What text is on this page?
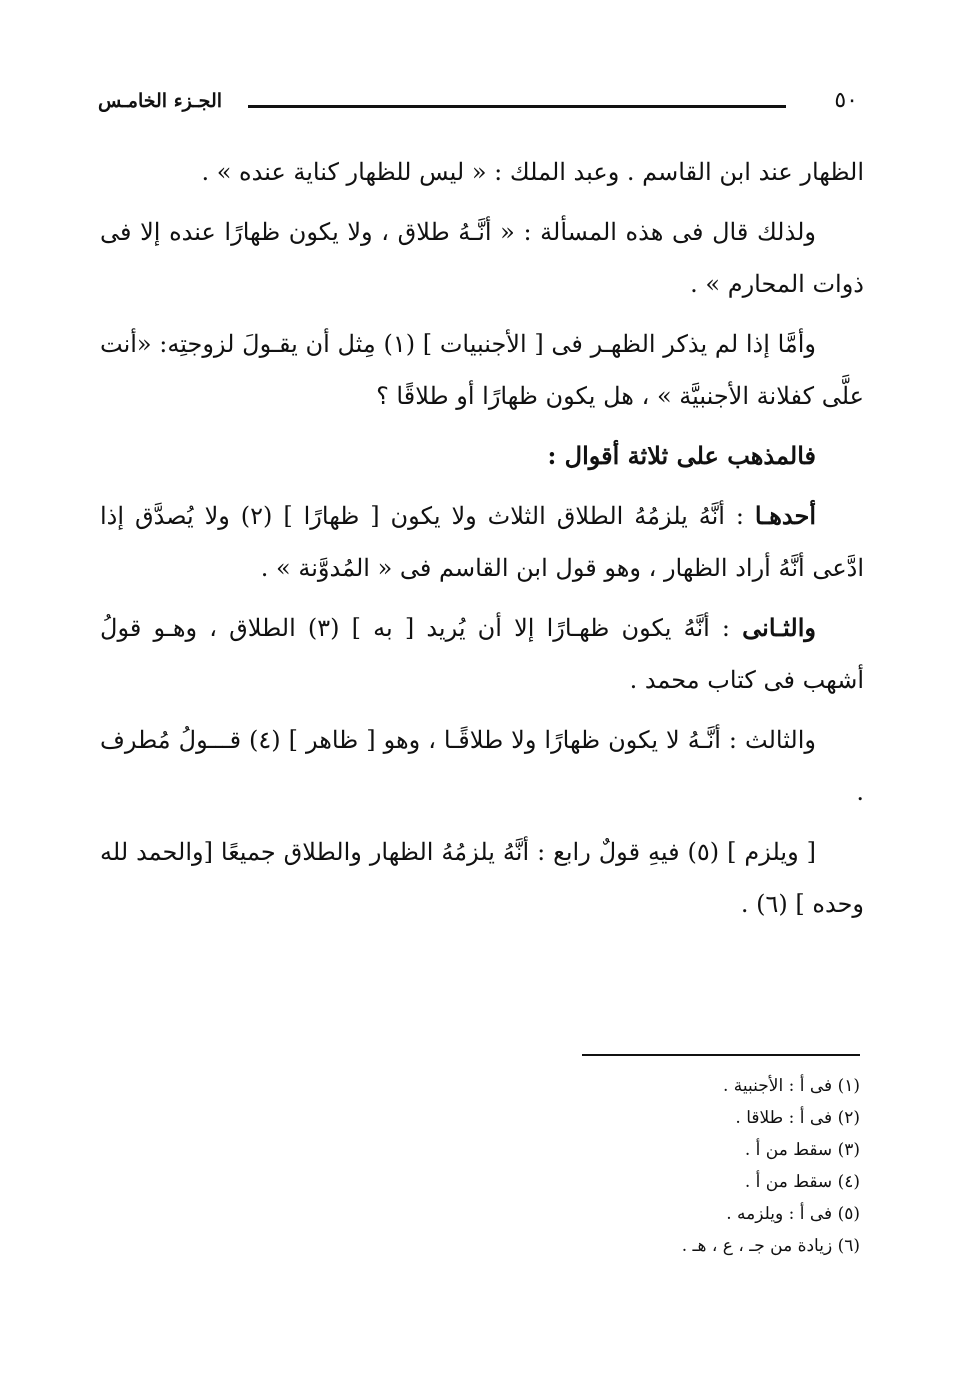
٥٠
الجـزء الخامـس

الظهار عند ابن القاسم . وعبد الملك : « ليس للظهار كناية عنده » .

ولذلك قال فى هذه المسألة : « أنَّـهُ طلاق ، ولا يكون ظهارًا عنده إلا فى ذوات المحارم » .

وأمَّا إذا لم يذكر الظهـر فى [ الأجنبيات ] (١) مِثل أن يقـولَ لزوجتِه: «أنت علَّى كفلانة الأجنبيَّة » ، هل يكون ظهارًا أو طلاقًا ؟

فالمذهب على ثلاثة أقوال :

أحدهـا : أنَّهُ يلزمُهُ الطلاق الثلاث ولا يكون [ ظهارًا ] (٢) ولا يُصدَّق إذا ادَّعى أنَّهُ أراد الظهار ، وهو قول ابن القاسم فى « المُدوَّنة » .

والثـانى : أنَّهُ يكون ظهـارًا إلا أن يُريد [ به ] (٣) الطلاق ، وهـو قولُ أشهب فى كتاب محمد .

والثالث : أنَّـهُ لا يكون ظهارًا ولا طلاقًـا ، وهو [ ظاهر ] (٤) قـــولُ مُطرف .

[ ويلزم ] (٥) فيهِ قولٌ رابع : أنَّهُ يلزمُهُ الظهار والطلاق جميعًا [والحمد لله وحده ] (٦) .

(١) فى أ : الأجنبية .
(٢) فى أ : طلاقا .
(٣) سقط من أ .
(٤) سقط من أ .
(٥) فى أ : ويلزمه .
(٦) زيادة من جـ ، ع ، هـ .
